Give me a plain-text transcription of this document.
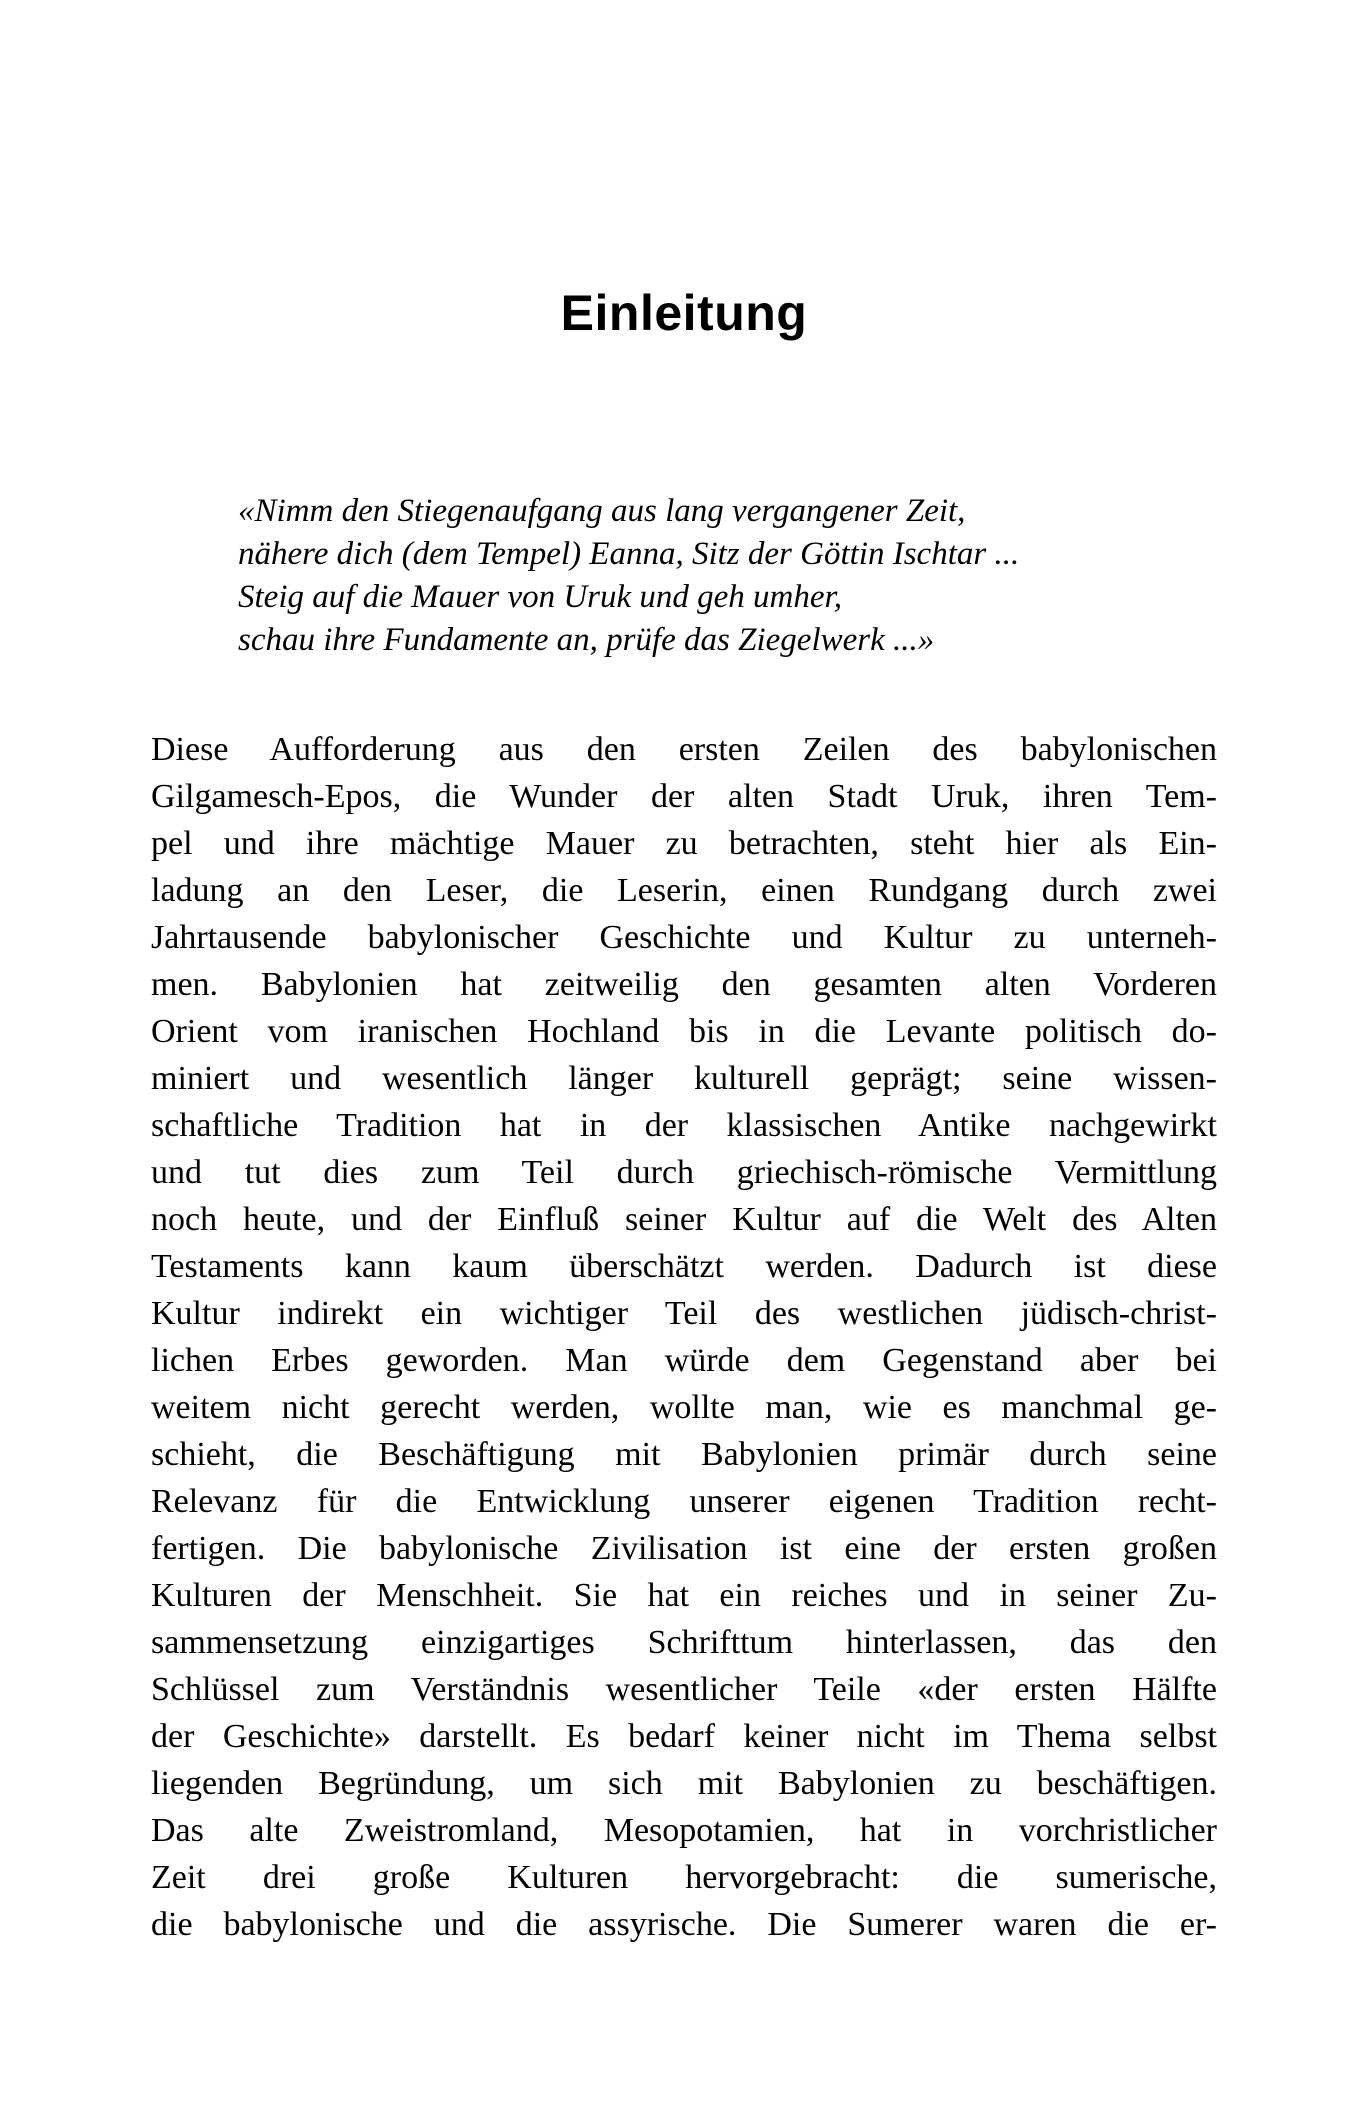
Einleitung
«Nimm den Stiegenaufgang aus lang vergangener Zeit,
nähere dich (dem Tempel) Eanna, Sitz der Göttin Ischtar ...
Steig auf die Mauer von Uruk und geh umher,
schau ihre Fundamente an, prüfe das Ziegelwerk ...»
Diese Aufforderung aus den ersten Zeilen des babylonischen
Gilgamesch-Epos, die Wunder der alten Stadt Uruk, ihren Tem-
pel und ihre mächtige Mauer zu betrachten, steht hier als Ein-
ladung an den Leser, die Leserin, einen Rundgang durch zwei
Jahrtausende babylonischer Geschichte und Kultur zu unterneh-
men. Babylonien hat zeitweilig den gesamten alten Vorderen
Orient vom iranischen Hochland bis in die Levante politisch do-
miniert und wesentlich länger kulturell geprägt; seine wissen-
schaftliche Tradition hat in der klassischen Antike nachgewirkt
und tut dies zum Teil durch griechisch-römische Vermittlung
noch heute, und der Einfluß seiner Kultur auf die Welt des Alten
Testaments kann kaum überschätzt werden. Dadurch ist diese
Kultur indirekt ein wichtiger Teil des westlichen jüdisch-christ-
lichen Erbes geworden. Man würde dem Gegenstand aber bei
weitem nicht gerecht werden, wollte man, wie es manchmal ge-
schieht, die Beschäftigung mit Babylonien primär durch seine
Relevanz für die Entwicklung unserer eigenen Tradition recht-
fertigen. Die babylonische Zivilisation ist eine der ersten großen
Kulturen der Menschheit. Sie hat ein reiches und in seiner Zu-
sammensetzung einzigartiges Schrifttum hinterlassen, das den
Schlüssel zum Verständnis wesentlicher Teile «der ersten Hälfte
der Geschichte» darstellt. Es bedarf keiner nicht im Thema selbst
liegenden Begründung, um sich mit Babylonien zu beschäftigen.
Das alte Zweistromland, Mesopotamien, hat in vorchristlicher
Zeit drei große Kulturen hervorgebracht: die sumerische,
die babylonische und die assyrische. Die Sumerer waren die er-
